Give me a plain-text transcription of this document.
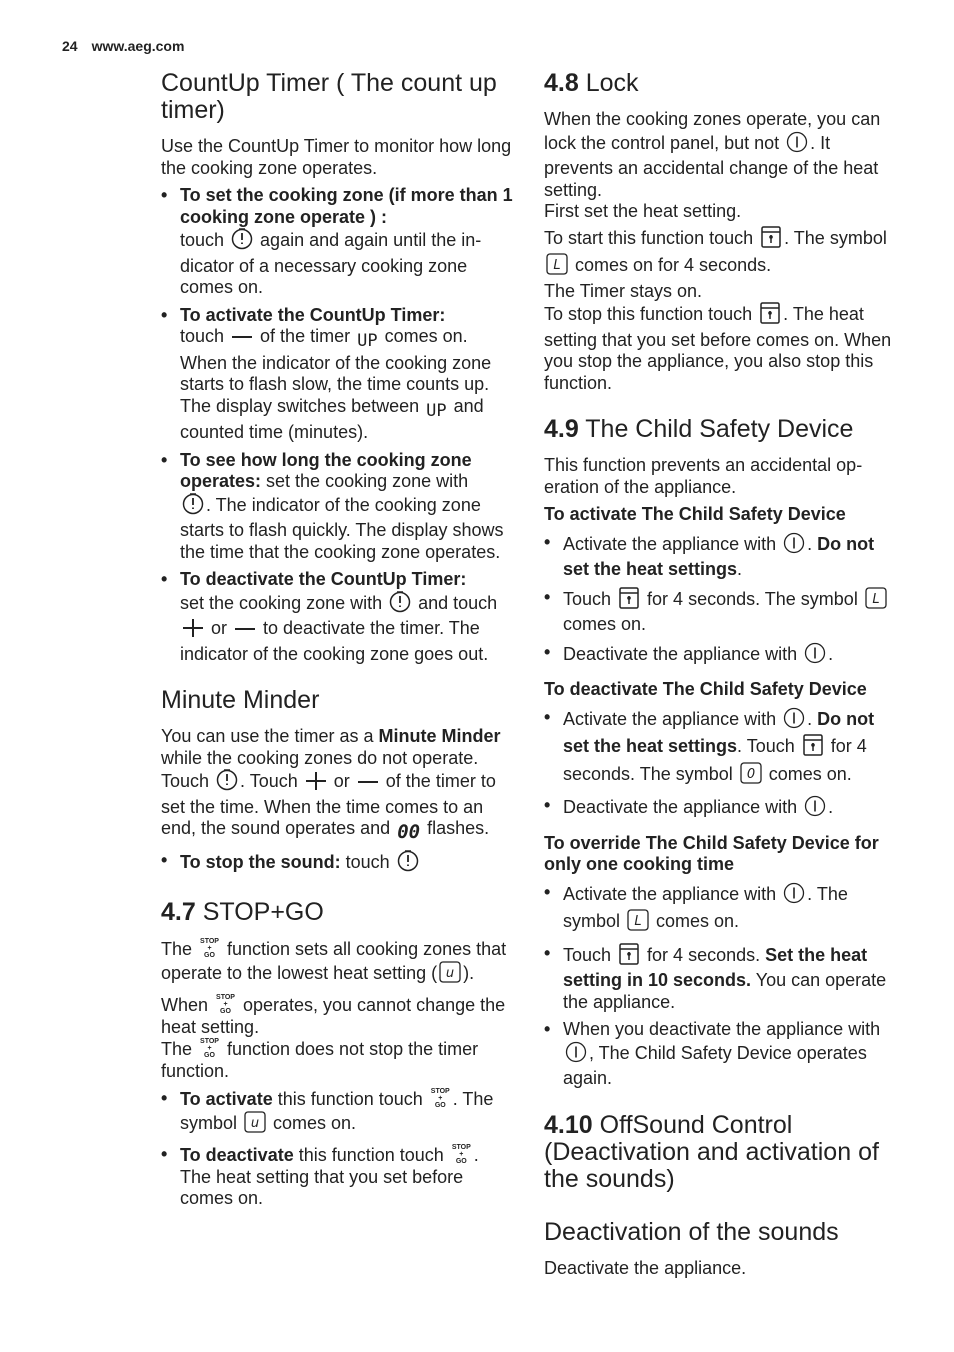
24 www.aeg.com
CountUp Timer ( The count up timer)

Use the CountUp Timer to monitor how long the cooking zone operates.

• To set the cooking zone (if more than 1 cooking zone operate ) :
touch  again and again until the indicator of a necessary cooking zone comes on.
• To activate the CountUp Timer:
touch  of the timer UP comes on. When the indicator of the cooking zone starts to flash slow, the time counts up. The display switches between UP and counted time (minutes).
• To see how long the cooking zone operates: set the cooking zone with
. The indicator of the cooking zone starts to flash quickly. The display shows the time that the cooking zone operates.
• To deactivate the CountUp Timer:
set the cooking zone with  and touch  or  to deactivate the timer. The indicator of the cooking zone goes out.
Minute Minder

You can use the timer as a Minute Minder while the cooking zones do not operate. Touch . Touch  or  of the timer to set the time. When the time comes to an end, the sound operates and 00 flashes.

• To stop the sound: touch
4.7 STOP+GO

The STOP
+
GO function sets all cooking zones that operate to the lowest heat setting ( u ).

When STOP
+
GO operates, you cannot change the heat setting.

The STOP
+
GO function does not stop the timer function.

• To activate this function touch STOP
+
GO . The symbol u comes on.
• To deactivate this function touch STOP
+
GO . The heat setting that you set before comes on.
4.8 Lock

When the cooking zones operate, you can lock the control panel, but not . It prevents an accidental change of the heat setting.

First set the heat setting.

To start this function touch . The symbol
L comes on for 4 seconds.

The Timer stays on.

To stop this function touch . The heat setting that you set before comes on. When you stop the appliance, you also stop this function.

4.9 The Child Safety Device

This function prevents an accidental operation of the appliance.

To activate The Child Safety Device
• Activate the appliance with . Do not set the heat settings.
• Touch  for 4 seconds. The symbol L
comes on.
• Deactivate the appliance with .
To deactivate The Child Safety Device
• Activate the appliance with . Do not set the heat settings. Touch  for 4 seconds. The symbol 0 comes on.
• Deactivate the appliance with .
To override The Child Safety Device for only one cooking time
• Activate the appliance with . The symbol L comes on.
• Touch  for 4 seconds. Set the heat setting in 10 seconds. You can operate the appliance.
• When you deactivate the appliance with , The Child Safety Device operates again.
4.10 OffSound Control (Deactivation and activation of the sounds)
Deactivation of the sounds

Deactivate the appliance.
